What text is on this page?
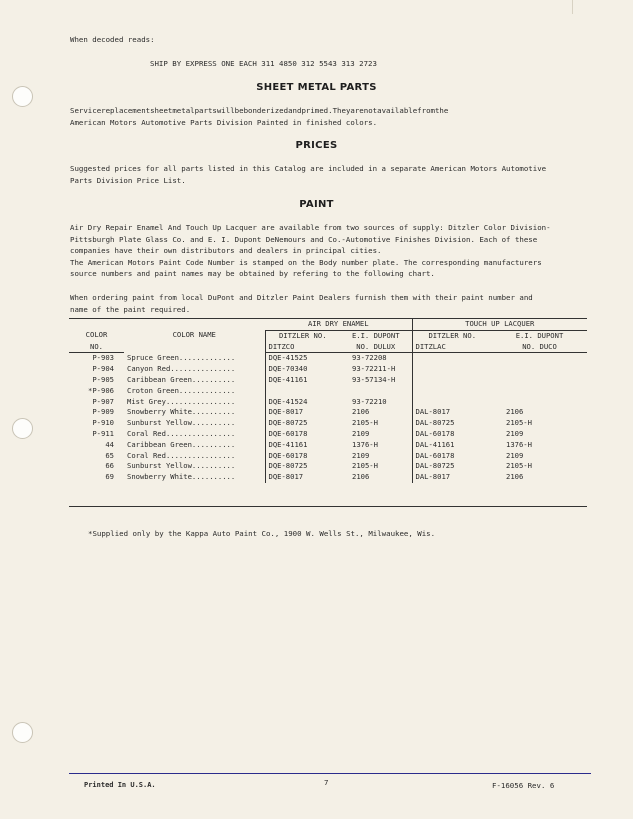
When decoded reads:
SHIP BY EXPRESS ONE EACH 311 4850 312 5543 313 2723
SHEET METAL PARTS
Servicereplacementsheetmetalpartswillbebonderizedandprimed.Theyarenotavailablefromthe
American Motors Automotive Parts Division Painted in finished colors.
PRICES
Suggested prices for all parts listed in this Catalog are included in a separate American Motors Automotive
Parts Division Price List.
PAINT
Air Dry Repair Enamel And Touch Up Lacquer are available from two sources of supply: Ditzler Color Division-
Pittsburgh Plate Glass Co. and E. I. Dupont DeNemours and Co.-Automotive Finishes Division. Each of these
companies have their own distributors and dealers in principal cities.
The American Motors Paint Code Number is stamped on the Body number plate. The corresponding manufacturers
source numbers and paint names may be obtained by refering to the following chart.
When ordering paint from local DuPont and Ditzler Paint Dealers furnish them with their paint number and
name of the paint required.
		AIR DRY ENAMEL		TOUCH UP LACQUER	
COLOR	COLOR NAME	DITZLER NO.	E.I. DUPONT	DITZLER NO.	E.I. DUPONT
NO.		DITZCO	NO. DULUX	DITZLAC	NO. DUCO
P-903	Spruce Green.............	DQE-41525	93-72208		
P-904	Canyon Red...............	DQE-70340	93-72211-H		
P-905	Caribbean Green..........	DQE-41161	93-57134-H		
*P-906	Croton Green.............				
P-907	Mist Grey................	DQE-41524	93-72210		
P-909	Snowberry White..........	DQE-8017	2106	DAL-8017	2106
P-910	Sunburst Yellow..........	DQE-80725	2105-H	DAL-80725	2105-H
P-911	Coral Red................	DQE-60178	2109	DAL-60178	2109
44	Caribbean Green..........	DQE-41161	1376-H	DAL-41161	1376-H
65	Coral Red................	DQE-60178	2109	DAL-60178	2109
66	Sunburst Yellow..........	DQE-80725	2105-H	DAL-80725	2105-H
69	Snowberry White..........	DQE-8017	2106	DAL-8017	2106
*Supplied only by the Kappa Auto Paint Co., 1900 W. Wells St., Milwaukee, Wis.
Printed In U.S.A.	7	F-16056 Rev. 6
